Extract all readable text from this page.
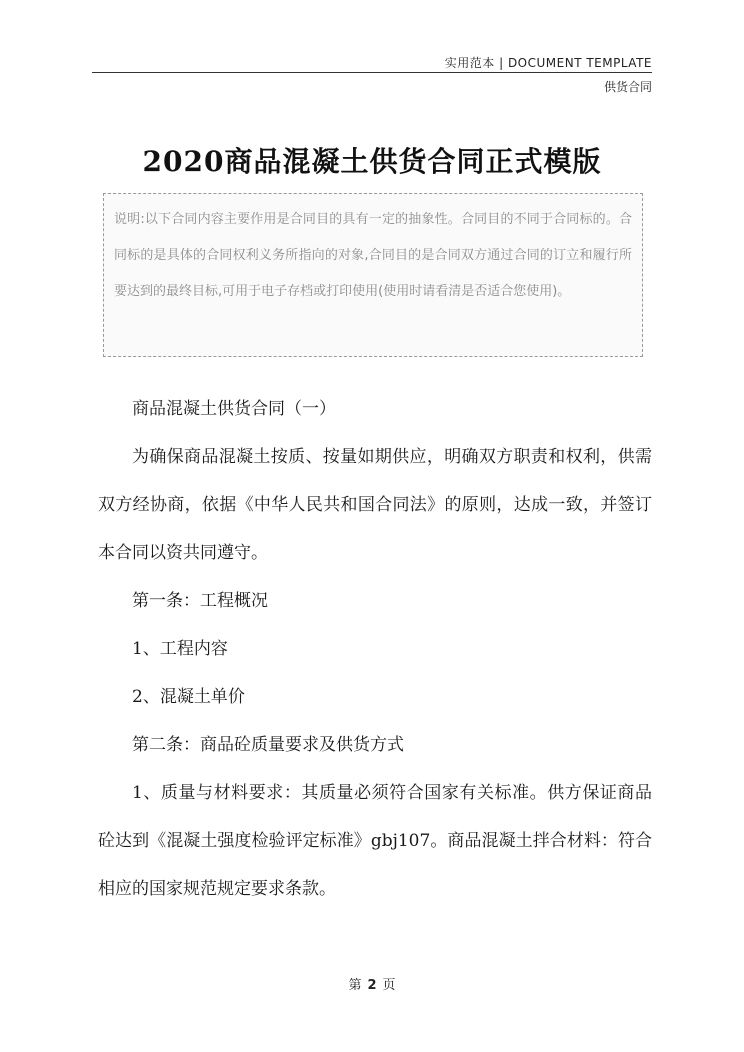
实用范本 | DOCUMENT TEMPLATE
供货合同
2020商品混凝土供货合同正式模版
说明:以下合同内容主要作用是合同目的具有一定的抽象性。合同目的不同于合同标的。合同标的是具体的合同权利义务所指向的对象,合同目的是合同双方通过合同的订立和履行所要达到的最终目标,可用于电子存档或打印使用(使用时请看清是否适合您使用)。

商品混凝土供货合同（一）

为确保商品混凝土按质、按量如期供应，明确双方职责和权利，供需双方经协商，依据《中华人民共和国合同法》的原则，达成一致，并签订本合同以资共同遵守。

第一条：工程概况

1、工程内容

2、混凝土单价

第二条：商品砼质量要求及供货方式

1、质量与材料要求：其质量必须符合国家有关标准。供方保证商品砼达到《混凝土强度检验评定标准》gbj107。商品混凝土拌合材料：符合相应的国家规范规定要求条款。

第 2 页
